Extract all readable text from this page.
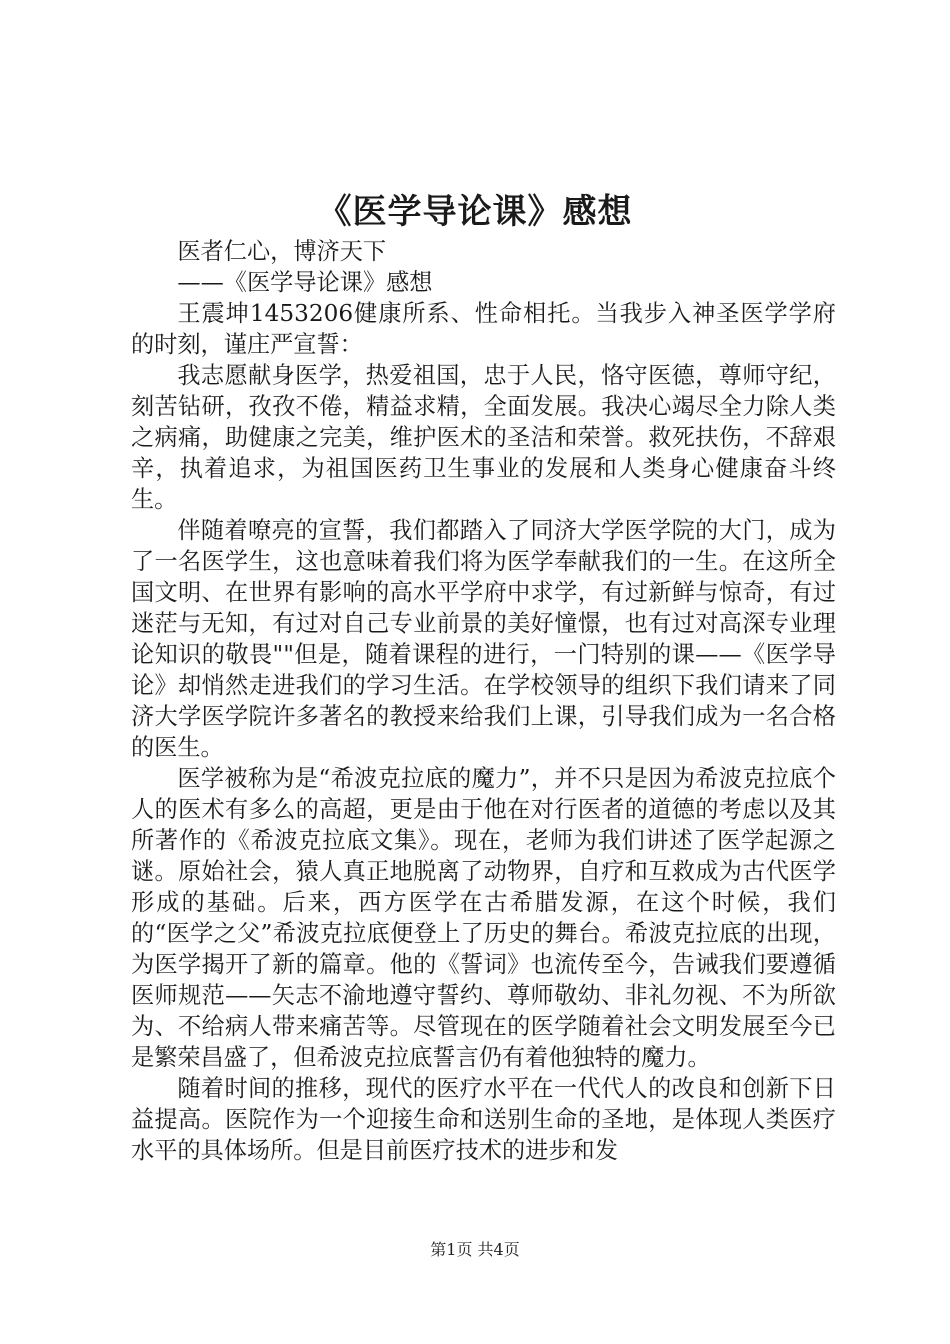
《医学导论课》感想

医者仁心，博济天下

——《医学导论课》感想

王震坤1453206健康所系、性命相托。当我步入神圣医学学府的时刻，谨庄严宣誓：

我志愿献身医学，热爱祖国，忠于人民，恪守医德，尊师守纪，刻苦钻研，孜孜不倦，精益求精，全面发展。我决心竭尽全力除人类之病痛，助健康之完美，维护医术的圣洁和荣誉。救死扶伤，不辞艰辛，执着追求，为祖国医药卫生事业的发展和人类身心健康奋斗终生。

伴随着嘹亮的宣誓，我们都踏入了同济大学医学院的大门，成为了一名医学生，这也意味着我们将为医学奉献我们的一生。在这所全国文明、在世界有影响的高水平学府中求学，有过新鲜与惊奇，有过迷茫与无知，有过对自己专业前景的美好憧憬，也有过对高深专业理论知识的敬畏""但是，随着课程的进行，一门特别的课——《医学导论》却悄然走进我们的学习生活。在学校领导的组织下我们请来了同济大学医学院许多著名的教授来给我们上课，引导我们成为一名合格的医生。

医学被称为是“希波克拉底的魔力”，并不只是因为希波克拉底个人的医术有多么的高超，更是由于他在对行医者的道德的考虑以及其所著作的《希波克拉底文集》。现在，老师为我们讲述了医学起源之谜。原始社会，猿人真正地脱离了动物界，自疗和互救成为古代医学形成的基础。后来，西方医学在古希腊发源，在这个时候，我们的“医学之父”希波克拉底便登上了历史的舞台。希波克拉底的出现，为医学揭开了新的篇章。他的《誓词》也流传至今，告诫我们要遵循医师规范——矢志不渝地遵守誓约、尊师敬幼、非礼勿视、不为所欲为、不给病人带来痛苦等。尽管现在的医学随着社会文明发展至今已是繁荣昌盛了，但希波克拉底誓言仍有着他独特的魔力。

随着时间的推移，现代的医疗水平在一代代人的改良和创新下日益提高。医院作为一个迎接生命和送别生命的圣地，是体现人类医疗水平的具体场所。但是目前医疗技术的进步和发

第1页 共4页
